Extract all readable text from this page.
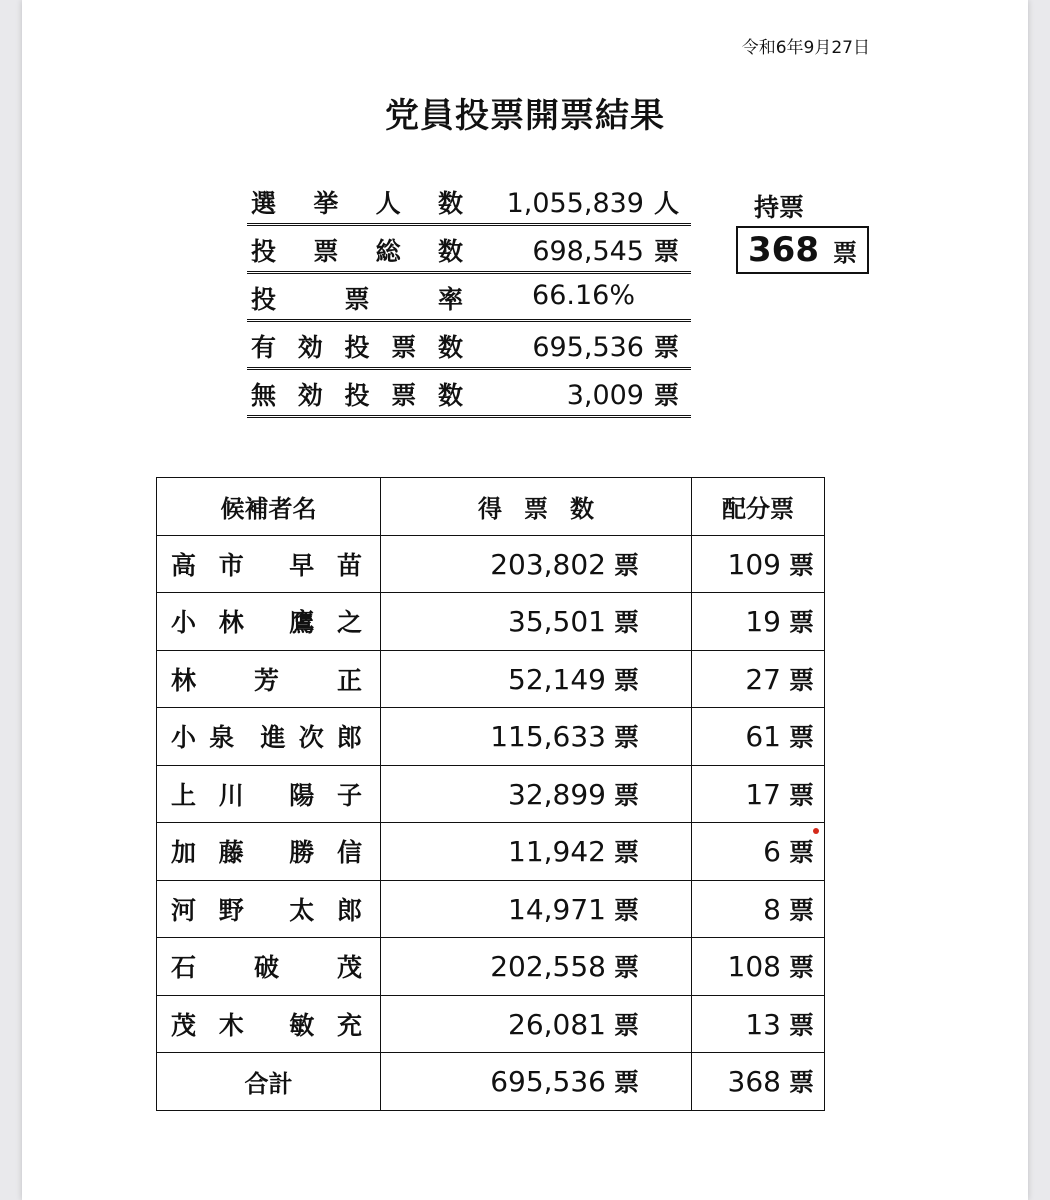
令和6年9月27日
党員投票開票結果
選 挙 人 数 1,055,839 人
投 票 総 数	698,545 票
投	票	率	66.16%
有 効 投 票 数	695,536 票
無 効 投 票 数	3,009 票
持票
368 票
候補者名	得票数	配分票

高 市 早 苗	203,802 票	109 票

小 林 鷹 之	35,501 票	19 票

林 芳 正	52,149 票	27 票

小 泉 進 次 郎	115,633 票	61 票

上 川 陽 子	32,899 票	17 票

加 藤 勝 信	11,942 票	6 票

河 野 太 郎	14,971 票	8 票

石 破 茂	202,558 票	108 票

茂 木 敏 充	26,081 票	13 票
合計	695,536 票	368 票
